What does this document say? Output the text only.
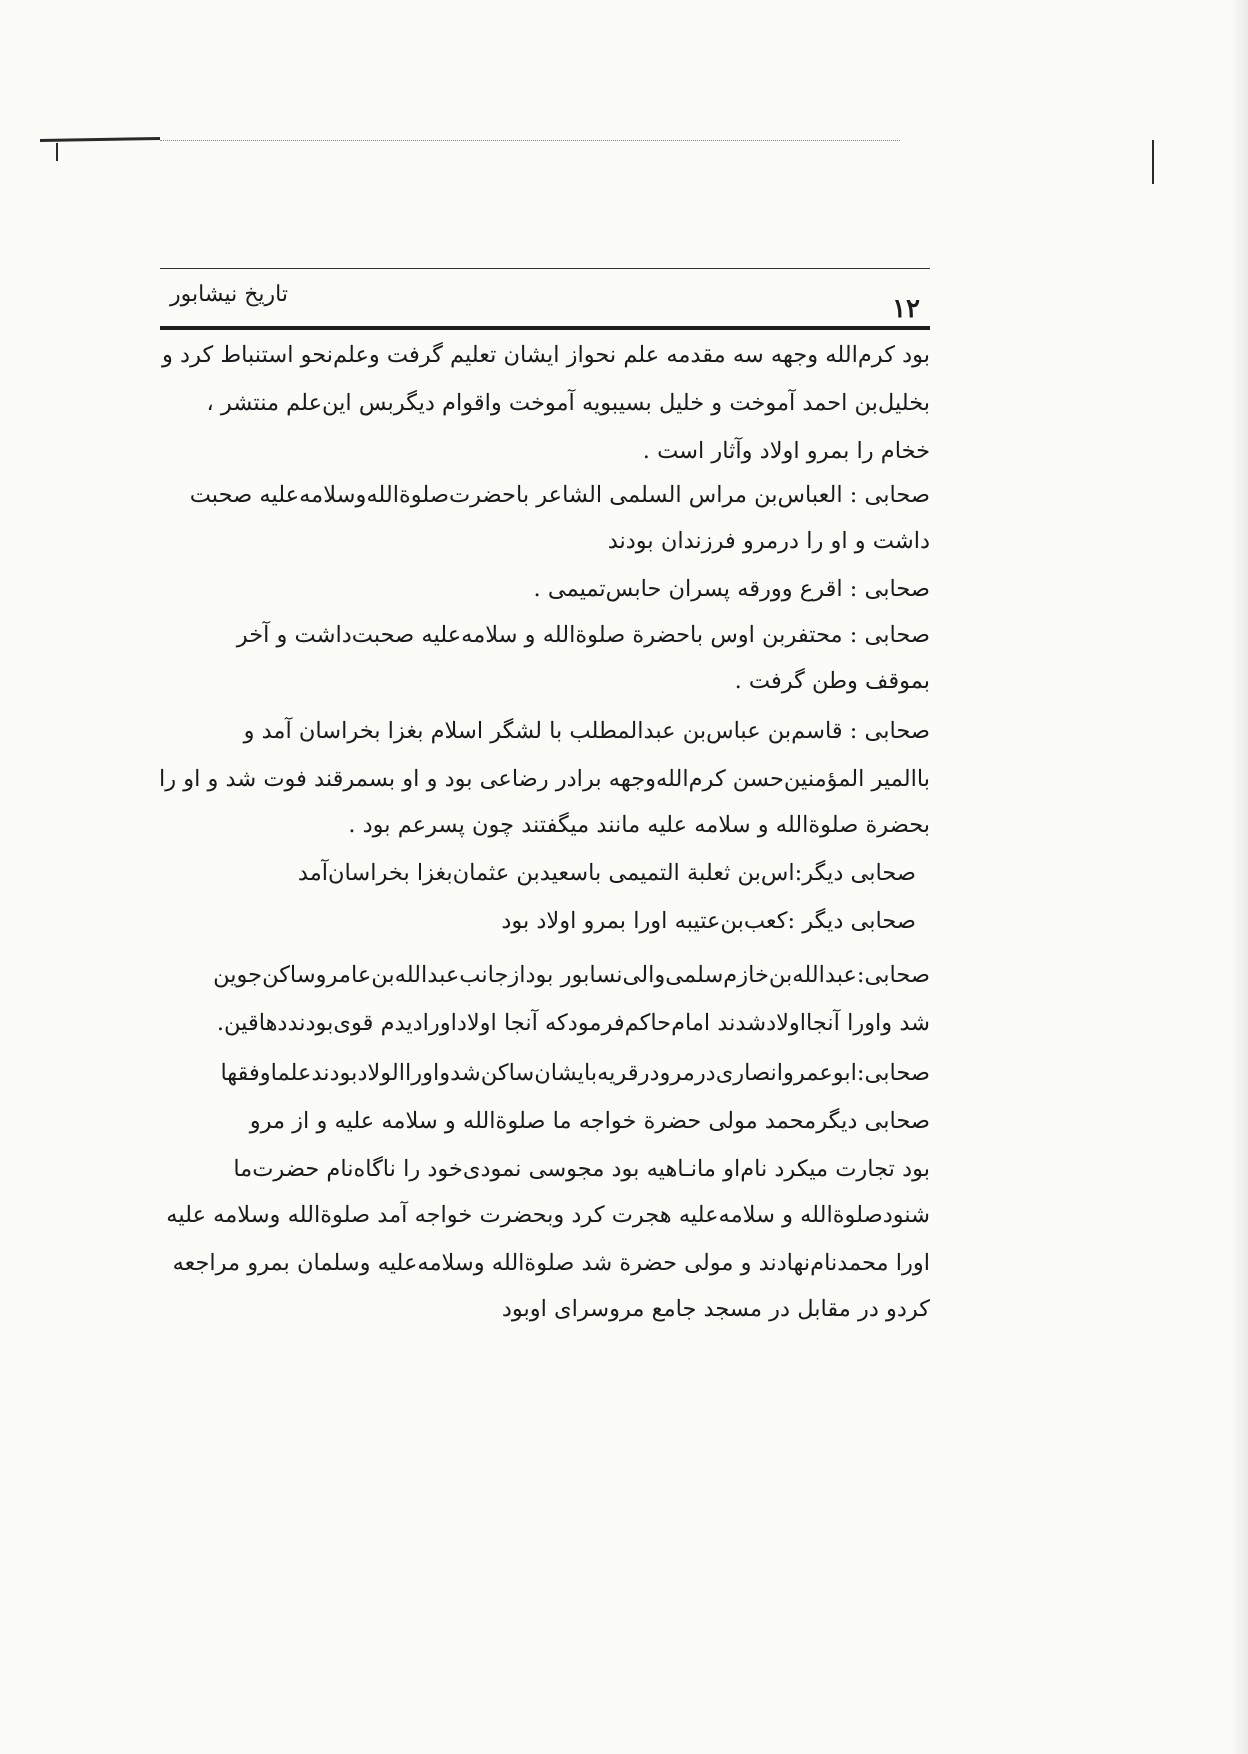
تاریخ نیشابور	۱۲
بود کرم‌الله وجهه سه مقدمه علم نحواز ایشان تعلیم گرفت وعلم‌نحو استنباط کرد و
بخلیل‌بن احمد آموخت و خلیل بسیبویه آموخت واقوام دیگربس این‌علم منتشر ،
خخام را بمرو اولاد وآثار است .
صحابی : العباس‌بن مراس السلمی الشاعر باحضرت‌صلوة‌الله‌وسلامه‌علیه صحبت
داشت و او را درمرو فرزندان بودند
صحابی : اقرع وورقه پسران حابس‌تمیمی .
صحابی : محتفر‌بن اوس باحضرة صلوة‌الله و سلامه‌علیه صحبت‌داشت و آخر
بموقف وطن گرفت .
صحابی : قاسم‌بن عباس‌بن عبدالمطلب با لشگر اسلام بغزا بخراسان آمد و
باالمیر المؤمنین‌حسن کرم‌الله‌وجهه برادر رضاعی بود و او بسمرقند فوت شد و او را
بحضرة صلوة‌الله و سلامه علیه مانند میگفتند چون پسرعم بود .
صحابی دیگر:اس‌بن ثعلبة التمیمی باسعیدبن عثمان‌بغزا بخراسان‌آمد
صحابی دیگر :کعب‌بن‌عتیبه اورا بمرو اولاد بود
صحابی:عبدالله‌بن‌خازم‌سلمی‌والی‌نسابور بودازجانب‌عبدالله‌بن‌عامروساکن‌جوین
شد واورا آنجااولادشدند امام‌حاکم‌فرمودکه آنجا اولاداورادیدم قوی‌بودنددهاقین.
صحابی:ابوعمروانصاری‌درمرودرقریه‌بایشان‌ساکن‌شدواوراالولادبودندعلماوفقها
صحابی دیگرمحمد مولی حضرة خواجه ما صلوة‌الله و سلامه علیه و از مرو
بود تجارت میکرد نام‌او مانـاهیه بود مجوسی نمودی‌خود را ناگاه‌نام حضرت‌ما
شنود‌صلوة‌الله و سلامه‌علیه هجرت کرد وبحضرت خواجه آمد صلوة‌الله وسلامه علیه
اورا محمدنام‌نهادند و مولی حضرة شد صلوة‌الله وسلامه‌علیه وسلمان بمرو مراجعه
کردو در مقابل در مسجد جامع مروسرای اوبود
